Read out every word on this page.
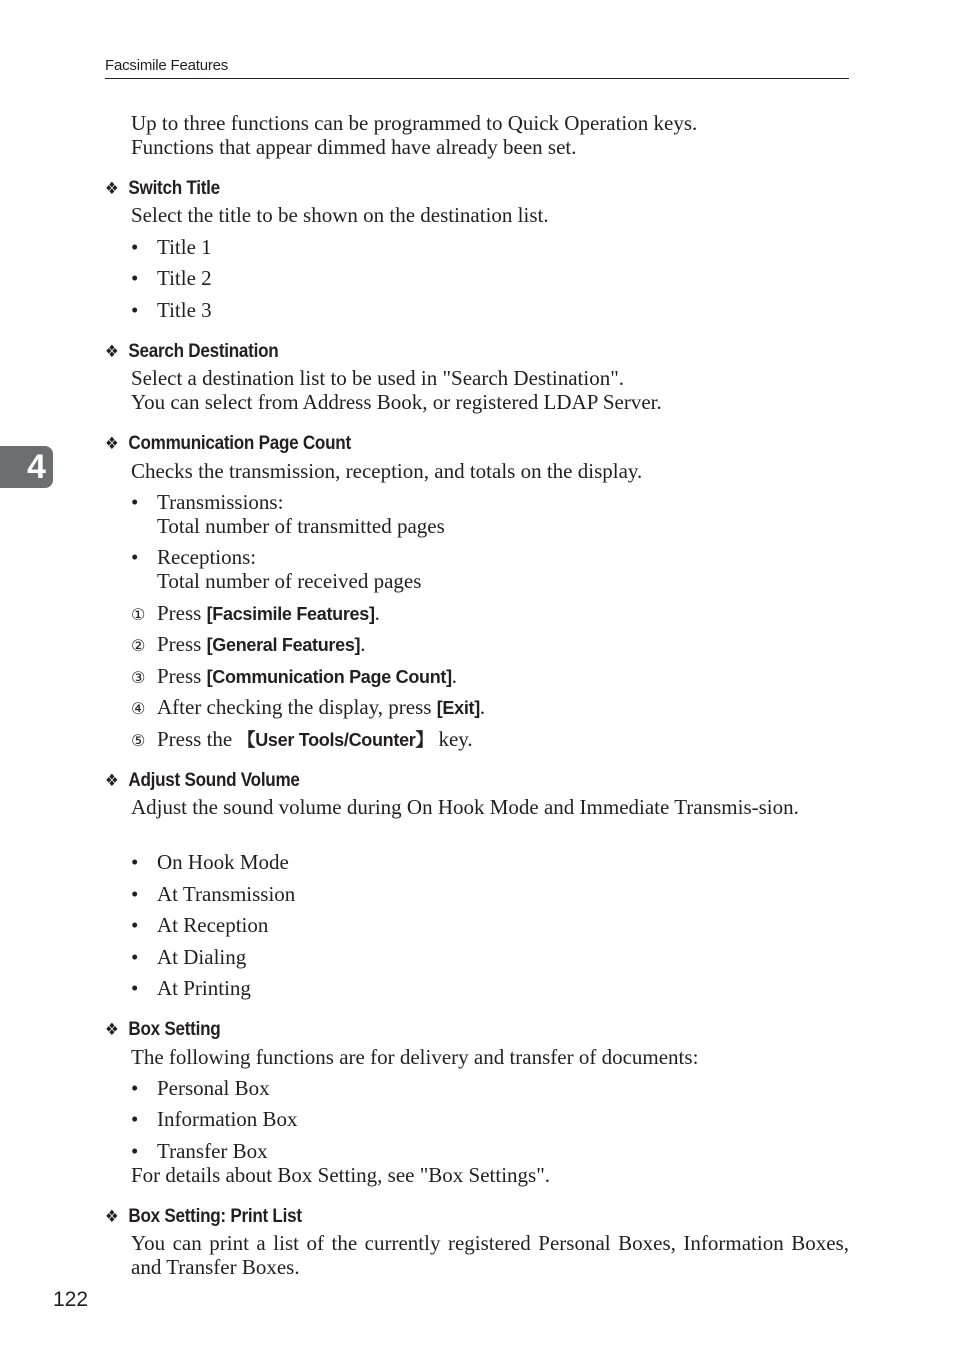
Facsimile Features
4

Up to three functions can be programmed to Quick Operation keys.

Functions that appear dimmed have already been set.

❖ Switch Title

Select the title to be shown on the destination list.

• Title 1
• Title 2
• Title 3
❖ Search Destination

Select a destination list to be used in "Search Destination".

You can select from Address Book, or registered LDAP Server.

❖ Communication Page Count

Checks the transmission, reception, and totals on the display.

• Transmissions:
Total number of transmitted pages
• Receptions:
Total number of received pages
① Press [Facsimile Features].
② Press [General Features].
③ Press [Communication Page Count].
④ After checking the display, press [Exit].
⑤ Press the 【User Tools/Counter】 key.
❖ Adjust Sound Volume

Adjust the sound volume during On Hook Mode and Immediate Transmis-sion.

• On Hook Mode
• At Transmission
• At Reception
• At Dialing
• At Printing
❖ Box Setting

The following functions are for delivery and transfer of documents:

• Personal Box
• Information Box
• Transfer Box

For details about Box Setting, see "Box Settings".

❖ Box Setting: Print List

You can print a list of the currently registered Personal Boxes, Information Boxes, and Transfer Boxes.

122
